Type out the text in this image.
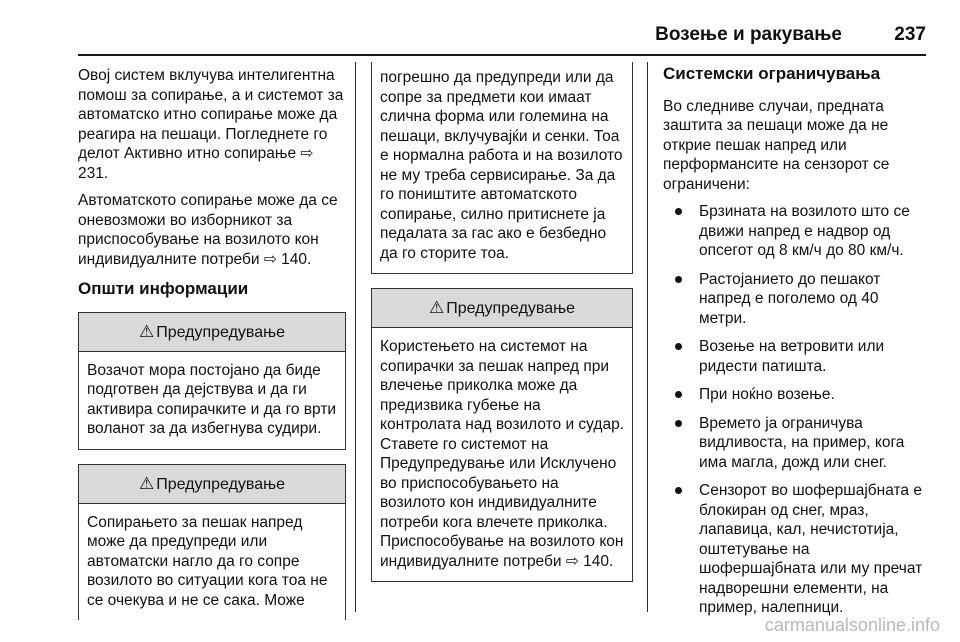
Возење и ракување	237

Овој систем вклучува интелигентна помош за сопирање, а и системот за автоматско итно сопирање може да реагира на пешаци. Погледнете го делот Активно итно сопирање ⇨ 231.

Автоматското сопирање може да се оневозможи во изборникот за приспособување на возилото кон индивидуалните потреби ⇨ 140.

Општи информации
⚠ Предупредување
Возачот мора постојано да биде подготвен да дејствува и да ги активира сопирачките и да го врти воланот за да избегнува судири.
⚠ Предупредување
Сопирањето за пешак напред може да предупреди или автоматски нагло да го сопре возилото во ситуации кога тоа не се очекува и не се сака. Може
погрешно да предупреди или да сопре за предмети кои имаат слична форма или големина на пешаци, вклучувајќи и сенки. Тоа е нормална работа и на возилото не му треба сервисирање. За да го поништите автоматското сопирање, силно притиснете ја педалата за гас ако е безбедно да го сторите тоа.
⚠ Предупредување
Користењето на системот на сопирачки за пешак напред при влечење приколка може да предизвика губење на контролата над возилото и судар. Ставете го системот на Предупредување или Исклучено во приспособувањето на возилото кон индивидуалните потреби кога влечете приколка. Приспособување на возилото кон индивидуалните потреби ⇨ 140.
Системски ограничувања

Во следниве случаи, предната заштита за пешаци може да не открие пешак напред или перформансите на сензорот се ограничени:

Брзината на возилото што се движи напред е надвор од опсегот од 8 км/ч до 80 км/ч.
Растојанието до пешакот напред е поголемо од 40 метри.
Возење на ветровити или ридести патишта.
При ноќно возење.
Времето ја ограничува видливоста, на пример, кога има магла, дожд или снег.
Сензорот во шофершајбната е блокиран од снег, мраз, лапавица, кал, нечистотија, оштетување на шофершајбната или му пречат надворешни елементи, на пример, налепници.
carmanualsonline.info
